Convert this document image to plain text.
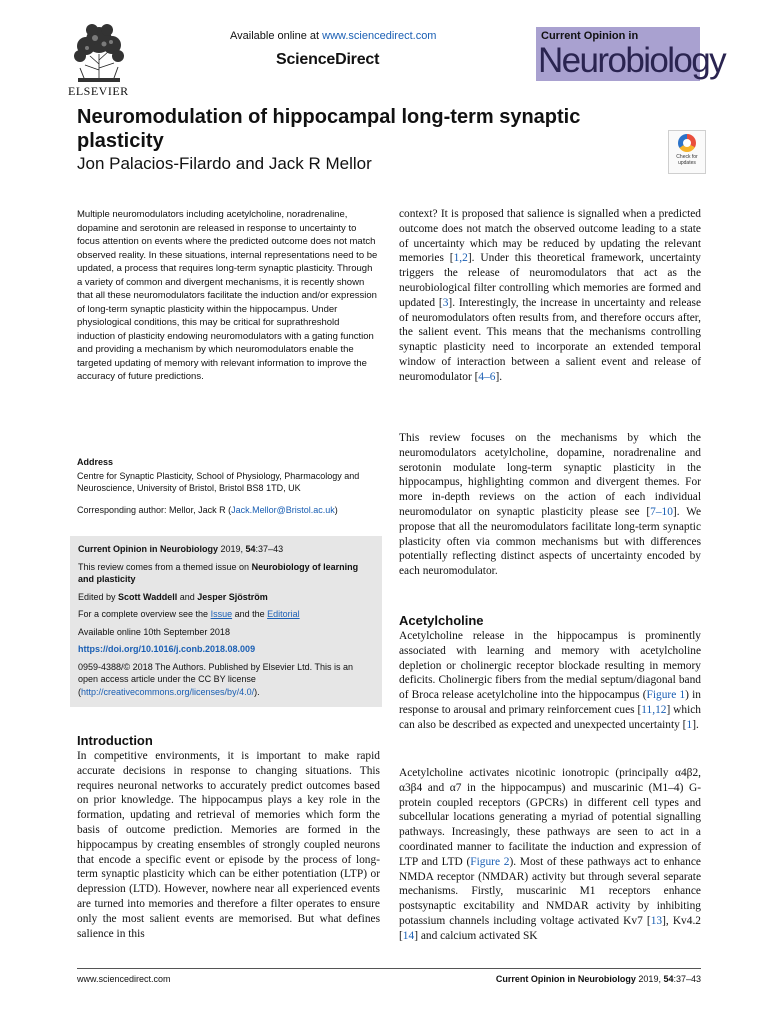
ELSEVIER
Available online at www.sciencedirect.com
ScienceDirect
Current Opinion in
Neurobiology
Neuromodulation of hippocampal long-term synaptic plasticity
Jon Palacios-Filardo and Jack R Mellor	Check for
updates

Multiple neuromodulators including acetylcholine, noradrenaline, dopamine and serotonin are released in response to uncertainty to focus attention on events where the predicted outcome does not match observed reality. In these situations, internal representations need to be updated, a process that requires long-term synaptic plasticity. Through a variety of common and divergent mechanisms, it is recently shown that all these neuromodulators facilitate the induction and/or expression of long-term synaptic plasticity within the hippocampus. Under physiological conditions, this may be critical for suprathreshold induction of plasticity endowing neuromodulators with a gating function and providing a mechanism by which neuromodulators enable the targeted updating of memory with relevant information to improve the accuracy of future predictions.

Address
Centre for Synaptic Plasticity, School of Physiology, Pharmacology and Neuroscience, University of Bristol, Bristol BS8 1TD, UK
Corresponding author: Mellor, Jack R (Jack.Mellor@Bristol.ac.uk)

Current Opinion in Neurobiology 2019, 54:37–43

This review comes from a themed issue on Neurobiology of learning and plasticity

Edited by Scott Waddell and Jesper Sjöström

For a complete overview see the Issue and the Editorial

Available online 10th September 2018

https://doi.org/10.1016/j.conb.2018.08.009

0959-4388/© 2018 The Authors. Published by Elsevier Ltd. This is an open access article under the CC BY license (http://creativecommons.org/licenses/by/4.0/).

Introduction

In competitive environments, it is important to make rapid accurate decisions in response to changing situations. This requires neuronal networks to accurately predict outcomes based on prior knowledge. The hippocampus plays a key role in the formation, updating and retrieval of memories which form the basis of outcome prediction. Memories are formed in the hippocampus by creating ensembles of strongly coupled neurons that encode a specific event or episode by the process of long-term synaptic plasticity which can be either potentiation (LTP) or depression (LTD). However, nowhere near all experienced events are turned into memories and therefore a filter operates to ensure only the most salient events are memorised. But what defines salience in this

context? It is proposed that salience is signalled when a predicted outcome does not match the observed outcome leading to a state of uncertainty which may be reduced by updating the relevant memories [1,2]. Under this theoretical framework, uncertainty triggers the release of neuromodulators that act as the neurobiological filter controlling which memories are formed and updated [3]. Interestingly, the increase in uncertainty and release of neuromodulators often results from, and therefore occurs after, the salient event. This means that the mechanisms controlling synaptic plasticity need to incorporate an extended temporal window of interaction between a salient event and release of neuromodulator [4–6].

This review focuses on the mechanisms by which the neuromodulators acetylcholine, dopamine, noradrenaline and serotonin modulate long-term synaptic plasticity in the hippocampus, highlighting common and divergent themes. For more in-depth reviews on the action of each individual neuromodulator on synaptic plasticity please see [7–10]. We propose that all the neuromodulators facilitate long-term synaptic plasticity often via common mechanisms but with differences potentially reflecting distinct aspects of uncertainty encoded by each neuromodulator.

Acetylcholine

Acetylcholine release in the hippocampus is prominently associated with learning and memory with acetylcholine depletion or cholinergic receptor blockade resulting in memory deficits. Cholinergic fibers from the medial septum/diagonal band of Broca release acetylcholine into the hippocampus (Figure 1) in response to arousal and primary reinforcement cues [11,12] which can also be described as expected and unexpected uncertainty [1].

Acetylcholine activates nicotinic ionotropic (principally α4β2, α3β4 and α7 in the hippocampus) and muscarinic (M1–4) G-protein coupled receptors (GPCRs) in different cell types and subcellular locations generating a myriad of potential signalling pathways. Increasingly, these pathways are seen to act in a coordinated manner to facilitate the induction and expression of LTP and LTD (Figure 2). Most of these pathways act to enhance NMDA receptor (NMDAR) activity but through several separate mechanisms. Firstly, muscarinic M1 receptors enhance postsynaptic excitability and NMDAR activity by inhibiting potassium channels including voltage activated Kv7 [13], Kv4.2 [14] and calcium activated SK

www.sciencedirect.com	Current Opinion in Neurobiology 2019, 54:37–43
